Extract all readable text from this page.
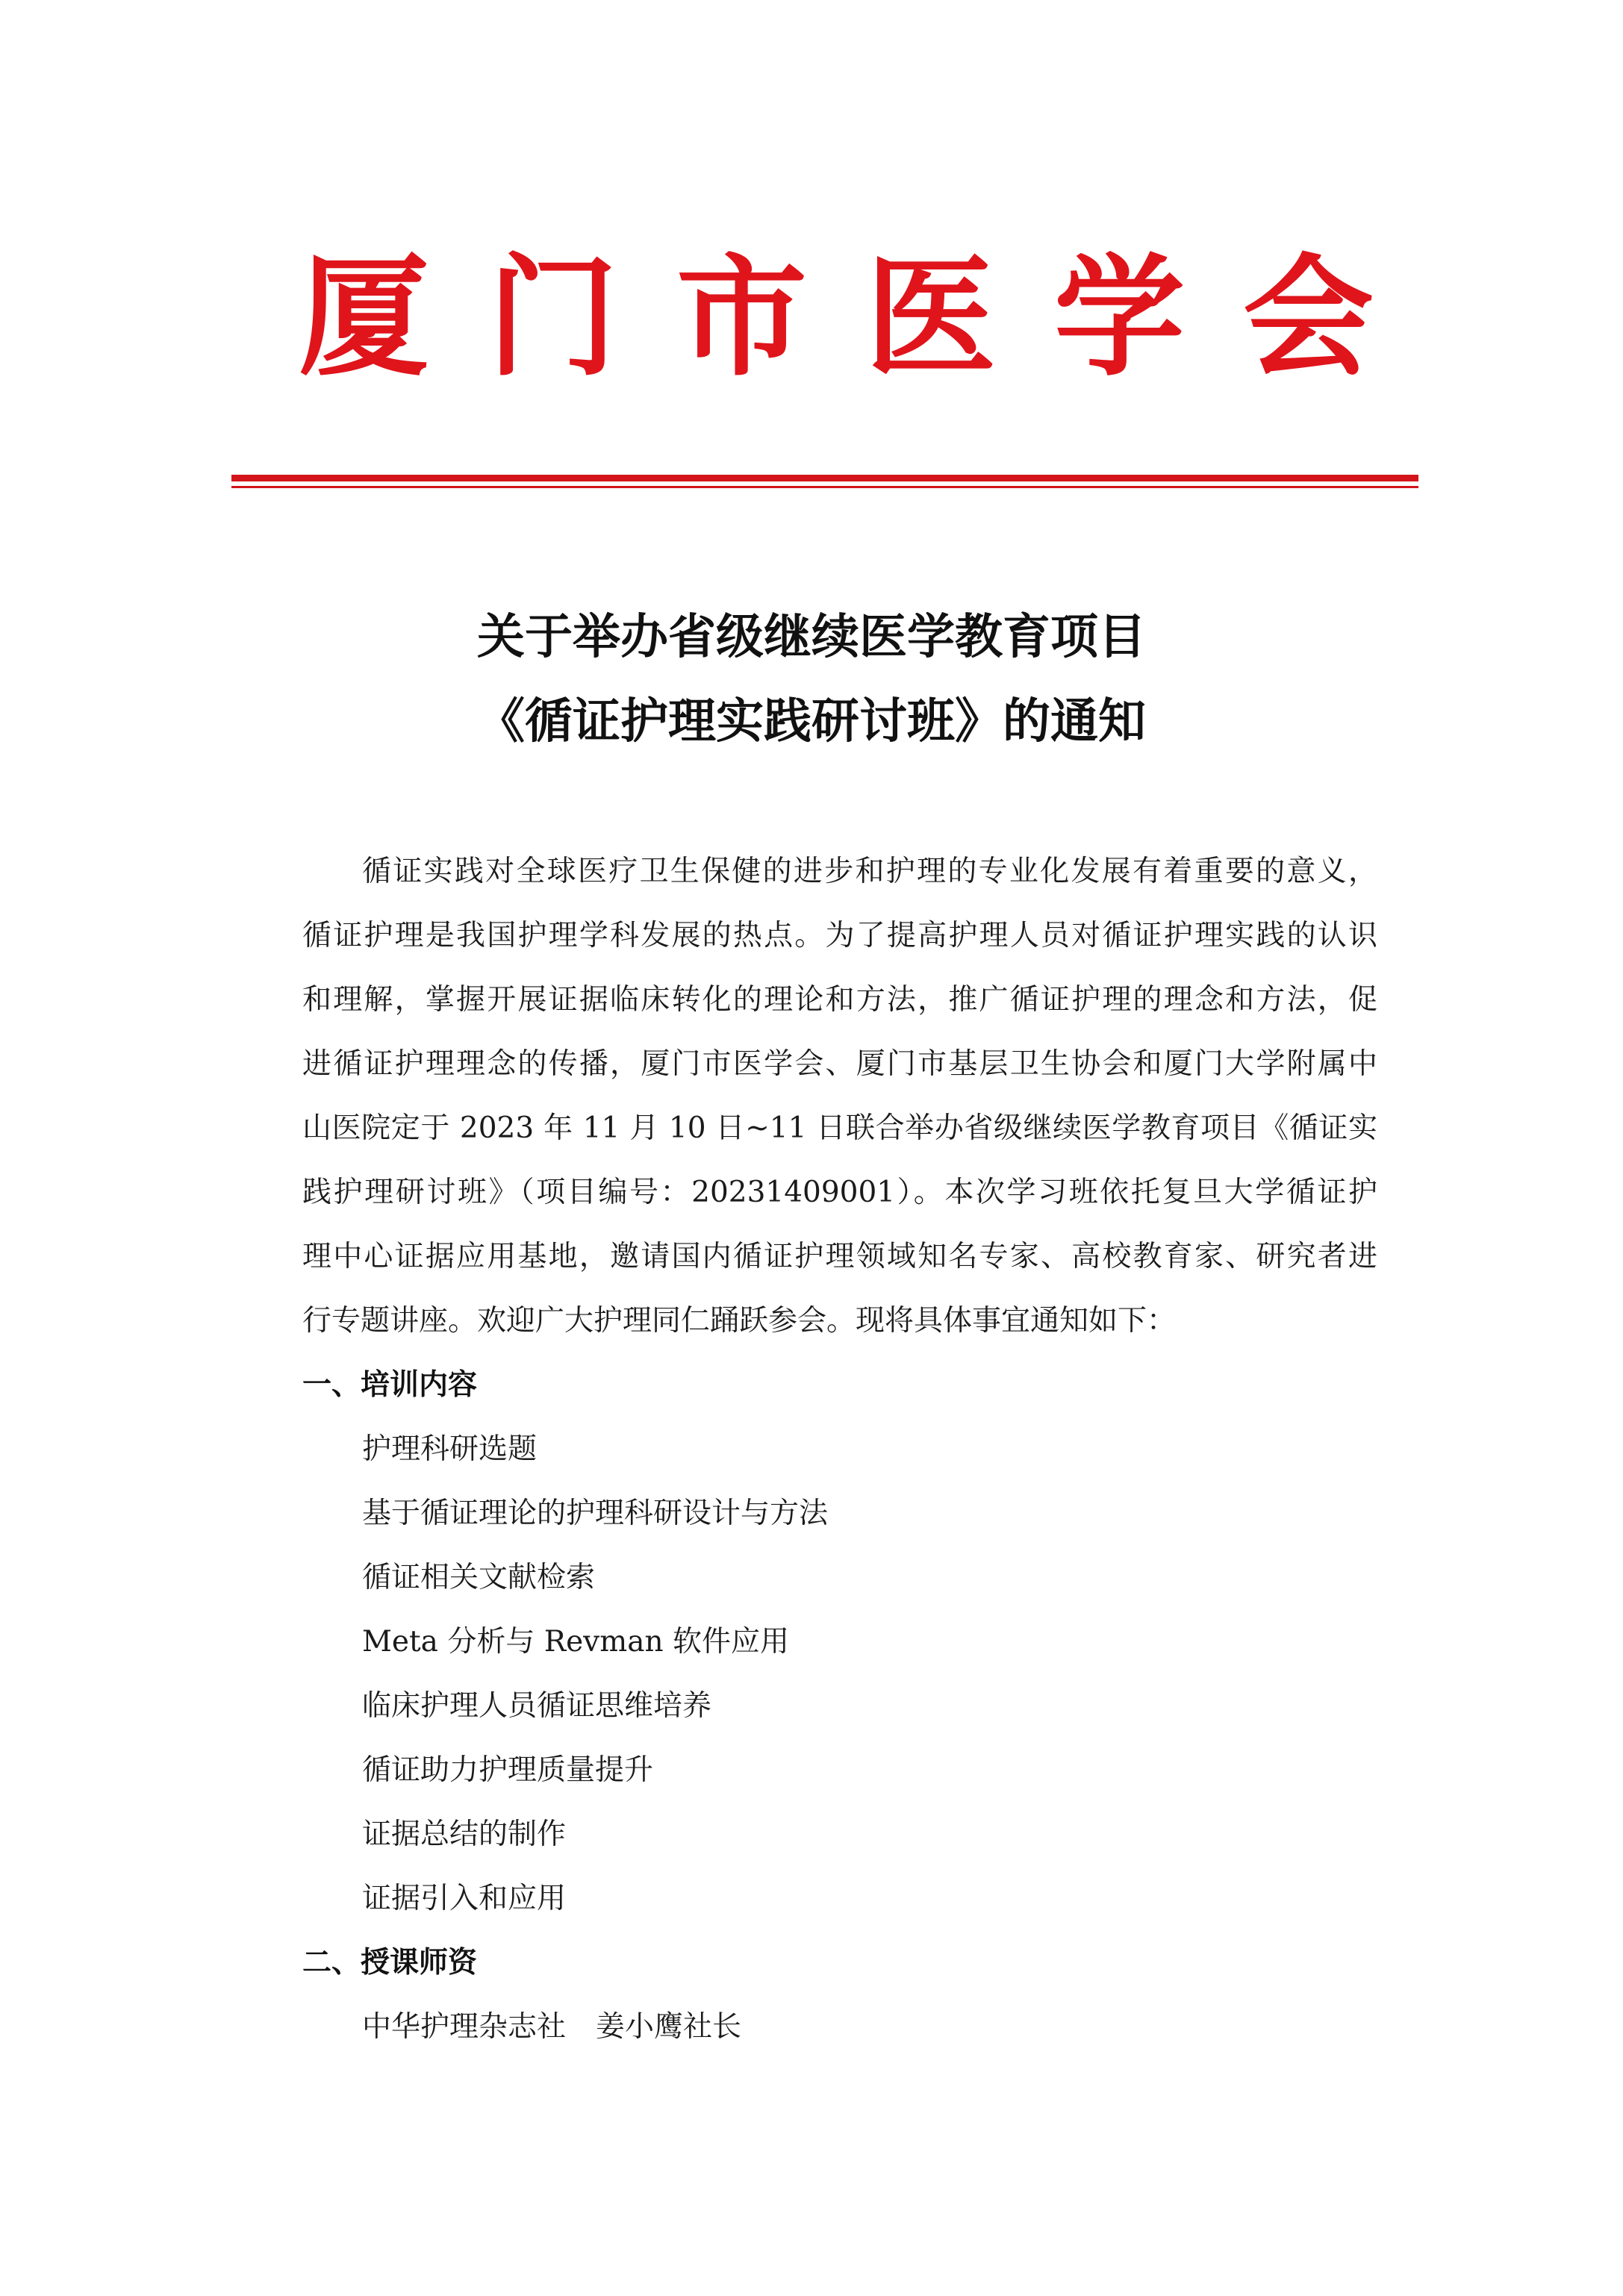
厦 门 市 医 学 会
关于举办省级继续医学教育项目
《循证护理实践研讨班》的通知
循证实践对全球医疗卫生保健的进步和护理的专业化发展有着重要的意义，
循证护理是我国护理学科发展的热点。为了提高护理人员对循证护理实践的认识
和理解，掌握开展证据临床转化的理论和方法，推广循证护理的理念和方法，促
进循证护理理念的传播，厦门市医学会、厦门市基层卫生协会和厦门大学附属中
山医院定于 2023 年 11 月 10 日~11 日联合举办省级继续医学教育项目《循证实
践护理研讨班》（项目编号：20231409001）。本次学习班依托复旦大学循证护
理中心证据应用基地，邀请国内循证护理领域知名专家、高校教育家、研究者进
行专题讲座。欢迎广大护理同仁踊跃参会。现将具体事宜通知如下：
一、培训内容
护理科研选题
基于循证理论的护理科研设计与方法
循证相关文献检索
Meta 分析与 Revman 软件应用
临床护理人员循证思维培养
循证助力护理质量提升
证据总结的制作
证据引入和应用
二、授课师资
中华护理杂志社 姜小鹰社长
